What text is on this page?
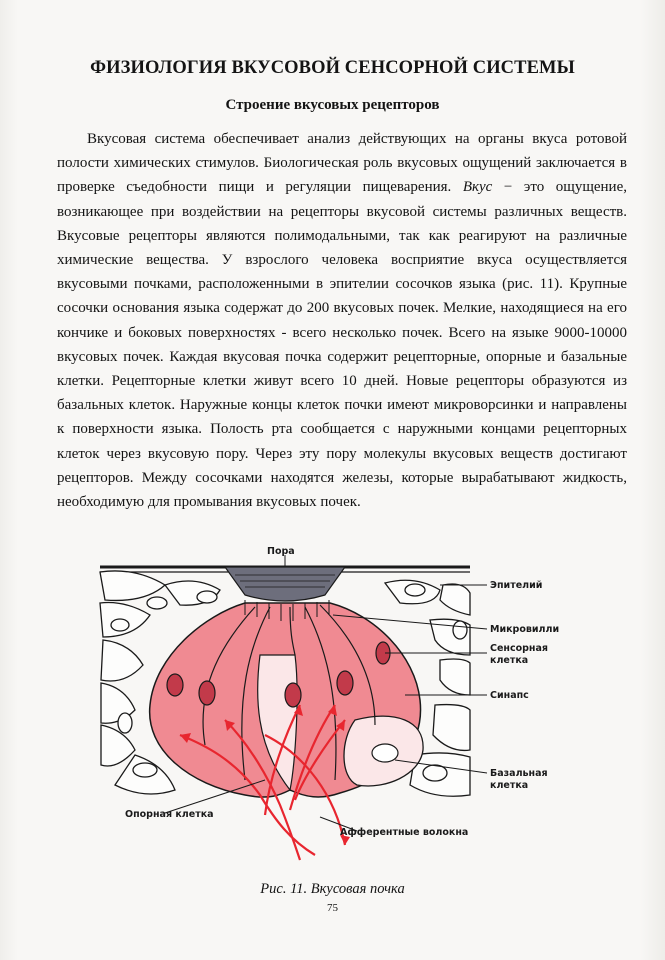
ФИЗИОЛОГИЯ ВКУСОВОЙ СЕНСОРНОЙ СИСТЕМЫ
Строение вкусовых рецепторов

Вкусовая система обеспечивает анализ действующих на органы вкуса ротовой полости химических стимулов. Биологическая роль вкусовых ощущений заключается в проверке съедобности пищи и регуляции пищеварения. Вкус − это ощущение, возникающее при воздействии на рецепторы вкусовой системы различных веществ. Вкусовые рецепторы являются полимодальными, так как реагируют на различные химические вещества. У взрослого человека восприятие вкуса осуществляется вкусовыми почками, расположенными в эпителии сосочков языка (рис. 11). Крупные сосочки основания языка содержат до 200 вкусовых почек. Мелкие, находящиеся на его кончике и боковых поверхностях - всего несколько почек. Всего на языке 9000-10000 вкусовых почек. Каждая вкусовая почка содержит рецепторные, опорные и базальные клетки. Рецепторные клетки живут всего 10 дней. Новые рецепторы образуются из базальных клеток. Наружные концы клеток почки имеют микроворсинки и направлены к поверхности языка. Полость рта сообщается с наружными концами рецепторных клеток через вкусовую пору. Через эту пору молекулы вкусовых веществ достигают рецепторов. Между сосочками находятся железы, которые вырабатывают жидкость, необходимую для промывания вкусовых почек.

Пора
Эпителий
Микровилли
Сенсорная
клетка
Синапс
Базальная
клетка
Опорная клетка
Афферентные волокна
Рис. 11. Вкусовая почка
75
